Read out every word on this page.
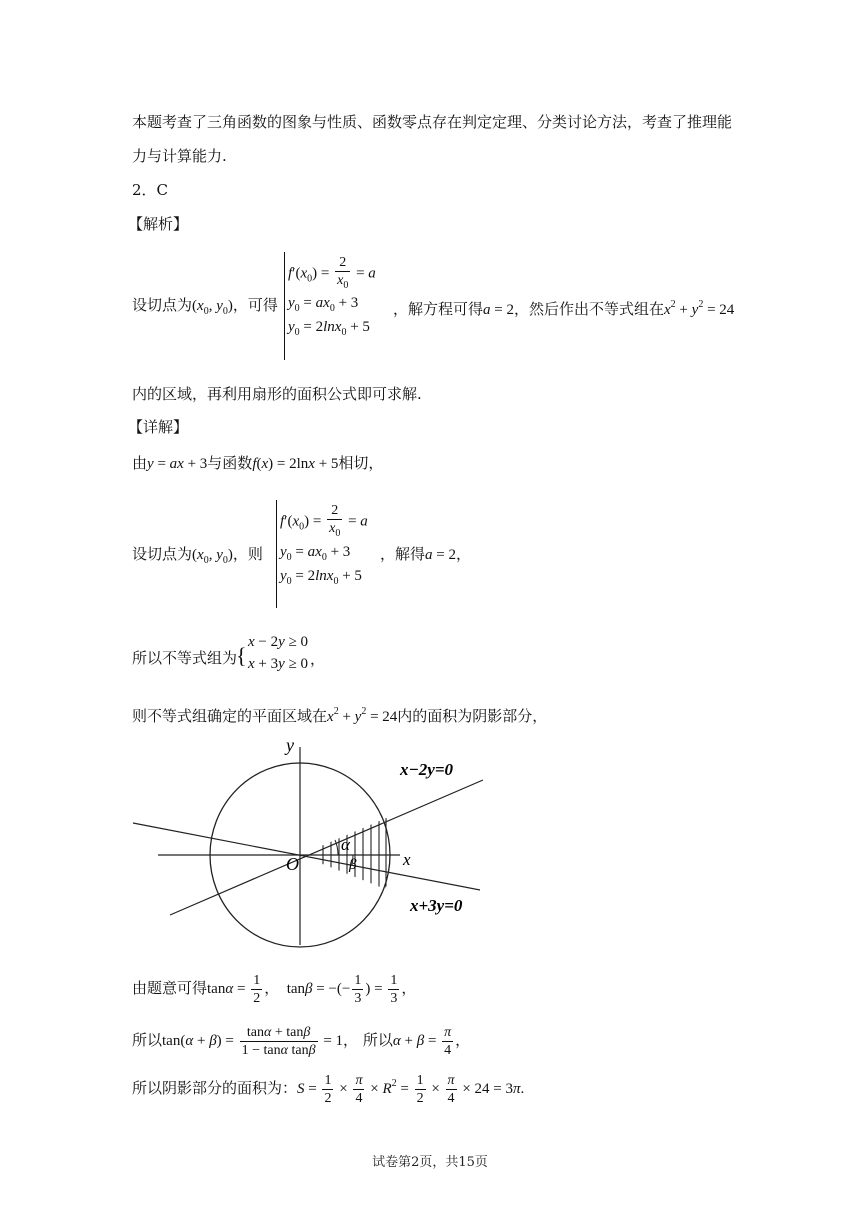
本题考查了三角函数的图象与性质、函数零点存在判定定理、分类讨论方法，考查了推理能
力与计算能力.
2．C
【解析】
设切点为($x_0$, $y_0$)，可得
$f'(x_0) = \frac{2}{x_0} = a$
$y_0 = ax_0 + 3$
$y_0 = 2\ln x_0 + 5$
，解方程可得a = 2，然后作出不等式组在$x^2 + y^2 = 24$
内的区域，再利用扇形的面积公式即可求解.
【详解】
由y = ax + 3与函数f(x) = 2lnx + 5相切，
设切点为($x_0$, $y_0$)，则
$f'(x_0) = \frac{2}{x_0} = a$
$y_0 = ax_0 + 3$
$y_0 = 2\ln x_0 + 5$
，解得a = 2，
所以不等式组为
{
x − 2y ≥ 0
x + 3y ≥ 0 ，
则不等式组确定的平面区域在$x^2 + y^2 = 24$内的面积为阴影部分，
y
x
O
α
β
x−2y=0
x+3y=0
由题意可得$\tan\alpha = \frac{1}{2}$ ，  tanβ = −(− $\frac{1}{3}$ ) = $\frac{1}{3}$ ，
所以$\tan(\alpha + \beta) = \frac{\tan\alpha + \tan\beta}{\text{1 − tanα tanβ}} = 1$， 所以$\alpha + \beta = \frac{\pi}{4}$ ，
所以阴影部分的面积为：$S = \frac{1}{2} \times \frac{\pi}{4} \times R^2 = \frac{1}{2} \times \frac{\pi}{4} \times 24 = 3\pi$.
试卷第2页，共15页
